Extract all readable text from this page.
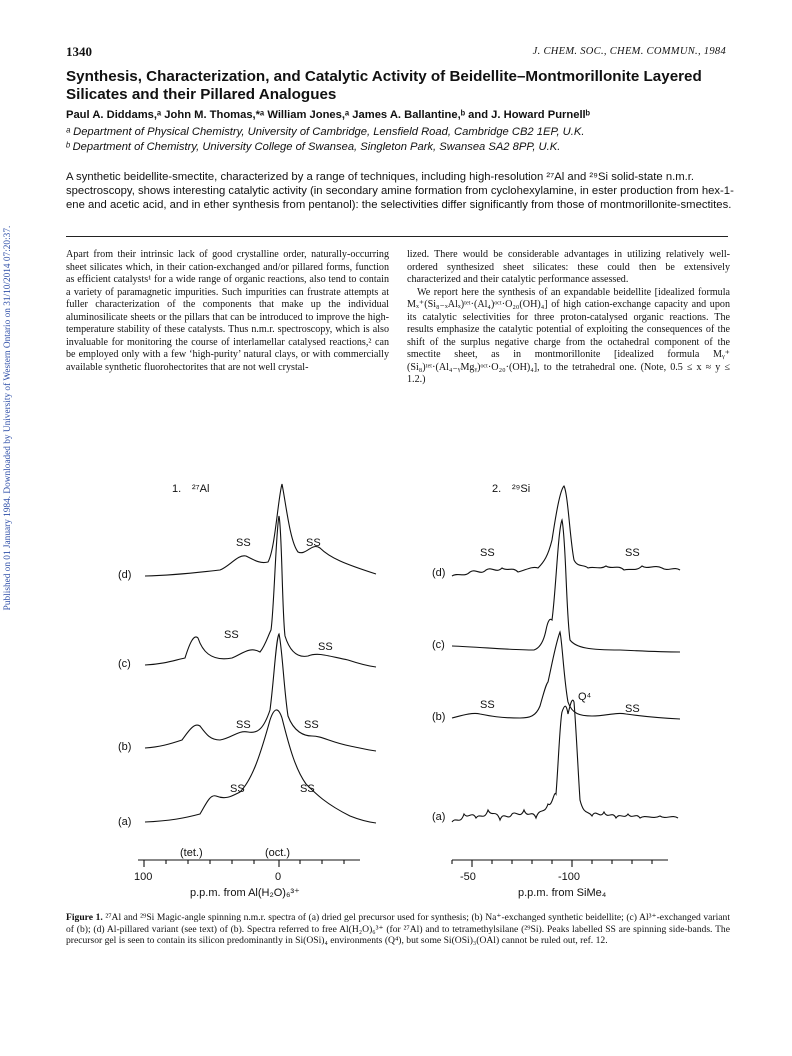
Published on 01 January 1984. Downloaded by University of Western Ontario on 31/10/2014 07:20:37.
1340	J. CHEM. SOC., CHEM. COMMUN., 1984
Synthesis, Characterization, and Catalytic Activity of Beidellite–Montmorillonite Layered Silicates and their Pillared Analogues
Paul A. Diddams,ᵃ John M. Thomas,*ᵃ William Jones,ᵃ James A. Ballantine,ᵇ and J. Howard Purnellᵇ
ᵃ Department of Physical Chemistry, University of Cambridge, Lensfield Road, Cambridge CB2 1EP, U.K.
ᵇ Department of Chemistry, University College of Swansea, Singleton Park, Swansea SA2 8PP, U.K.
A synthetic beidellite-smectite, characterized by a range of techniques, including high-resolution ²⁷Al and ²⁹Si solid-state n.m.r. spectroscopy, shows interesting catalytic activity (in secondary amine formation from cyclohexylamine, in ester production from hex-1-ene and acetic acid, and in ether synthesis from pentanol): the selectivities differ significantly from those of montmorillonite-smectites.

Apart from their intrinsic lack of good crystalline order, naturally-occurring sheet silicates which, in their cation-exchanged and/or pillared forms, function as efficient catalysts¹ for a wide range of organic reactions, also tend to contain a variety of paramagnetic impurities. Such impurities can frustrate attempts at fuller characterization of the components that make up the individual aluminosilicate sheets or the pillars that can be introduced to improve the high-temperature stability of these catalysts. Thus n.m.r. spectroscopy, which is also invaluable for monitoring the course of interlamellar catalysed reactions,² can be employed only with a few ‘high-purity’ natural clays, or with commercially available synthetic fluorohectorites that are not well crystal-

lized. There would be considerable advantages in utilizing relatively well-ordered synthesized sheet silicates: these could then be extensively characterized and their catalytic performance assessed.

We report here the synthesis of an expandable beidellite [idealized formula Mₓ⁺(Si₈₋ₓAlₓ)ᵗᵉᵗ·(Al₄)ᵒᶜᵗ·O₂₀(OH)₄] of high cation-exchange capacity and upon its catalytic selectivities for three proton-catalysed organic reactions. The results emphasize the catalytic potential of exploiting the consequences of the shift of the surplus negative charge from the octahedral component of the smectite sheet, as in montmorillonite [idealized formula Mᵧ⁺ (Si₈)ᵗᵉᵗ·(Al₄₋ᵧMgᵧ)ᵒᶜᵗ·O₂₀·(OH)₄], to the tetrahedral one. (Note, 0.5 ≤ x ≈ y ≤ 1.2.)

1. ²⁷Al
(d)
(c)
(b)
(a)
SS	SS
SS
SS
SS	SS
SS	SS
(tet.)	(oct.)
100	0
p.p.m. from Al(H₂O)₆³⁺
2. ²⁹Si
(d)
(c)
(b)
(a)
SS	SS
SS	SS
Q⁴
-50	-100
p.p.m. from SiMe₄
Figure 1. ²⁷Al and ²⁹Si Magic-angle spinning n.m.r. spectra of (a) dried gel precursor used for synthesis; (b) Na⁺-exchanged synthetic beidellite; (c) Al³⁺-exchanged variant of (b); (d) Al-pillared variant (see text) of (b). Spectra referred to free Al(H₂O)₆³⁺ (for ²⁷Al) and to tetramethylsilane (²⁹Si). Peaks labelled SS are spinning side-bands. The precursor gel is seen to contain its silicon predominantly in Si(OSi)₄ environments (Q⁴), but some Si(OSi)₃(OAl) cannot be ruled out, ref. 12.
